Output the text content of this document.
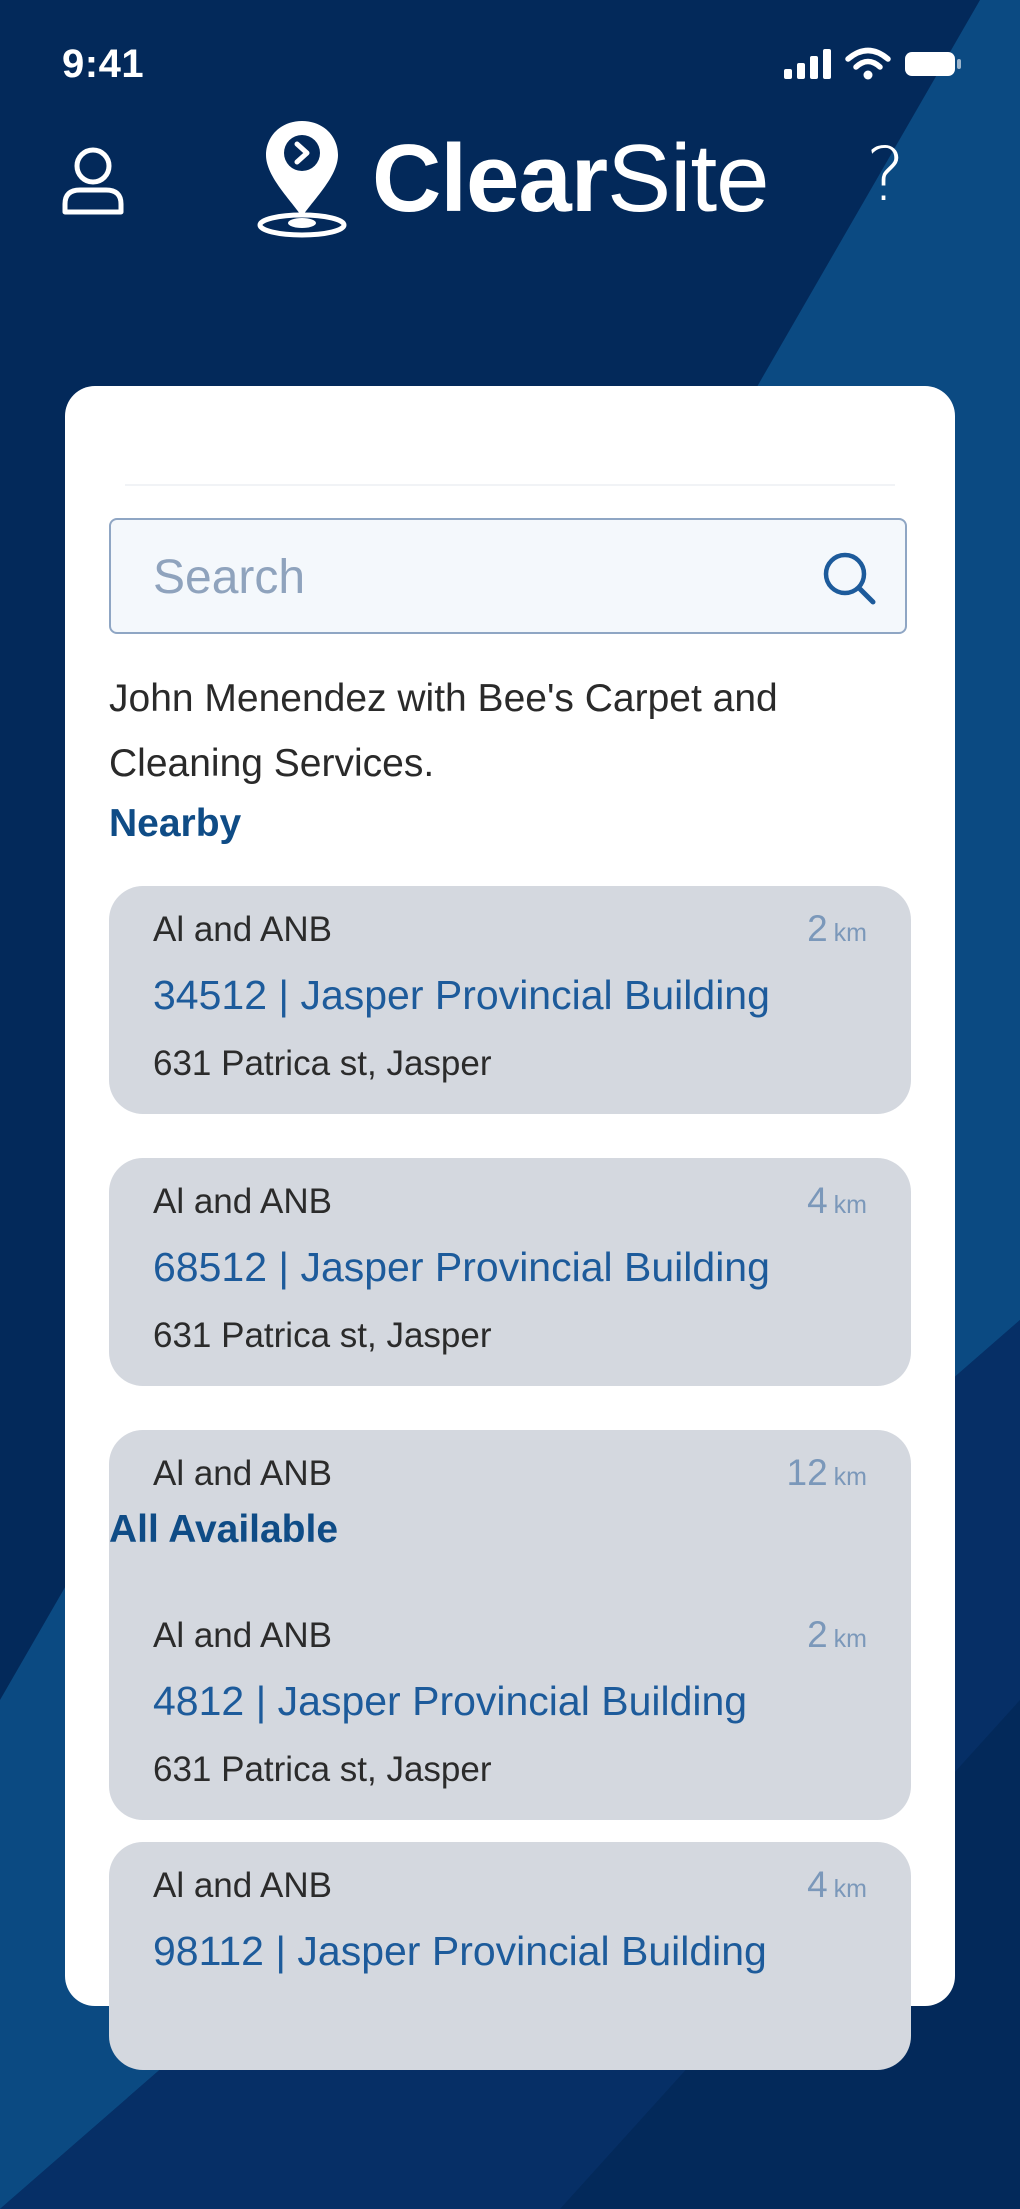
9:41
ClearSite ?
Search
John Menendez with Bee's Carpet and Cleaning Services.
Nearby
Al and ANB	2 km
34512 | Jasper Provincial Building
631 Patrica st, Jasper
Al and ANB	4 km
68512 | Jasper Provincial Building
631 Patrica st, Jasper
Al and ANB	12 km
All Available
Al and ANB	2 km
4812 | Jasper Provincial Building
631 Patrica st, Jasper
Al and ANB	4 km
98112 | Jasper Provincial Building
